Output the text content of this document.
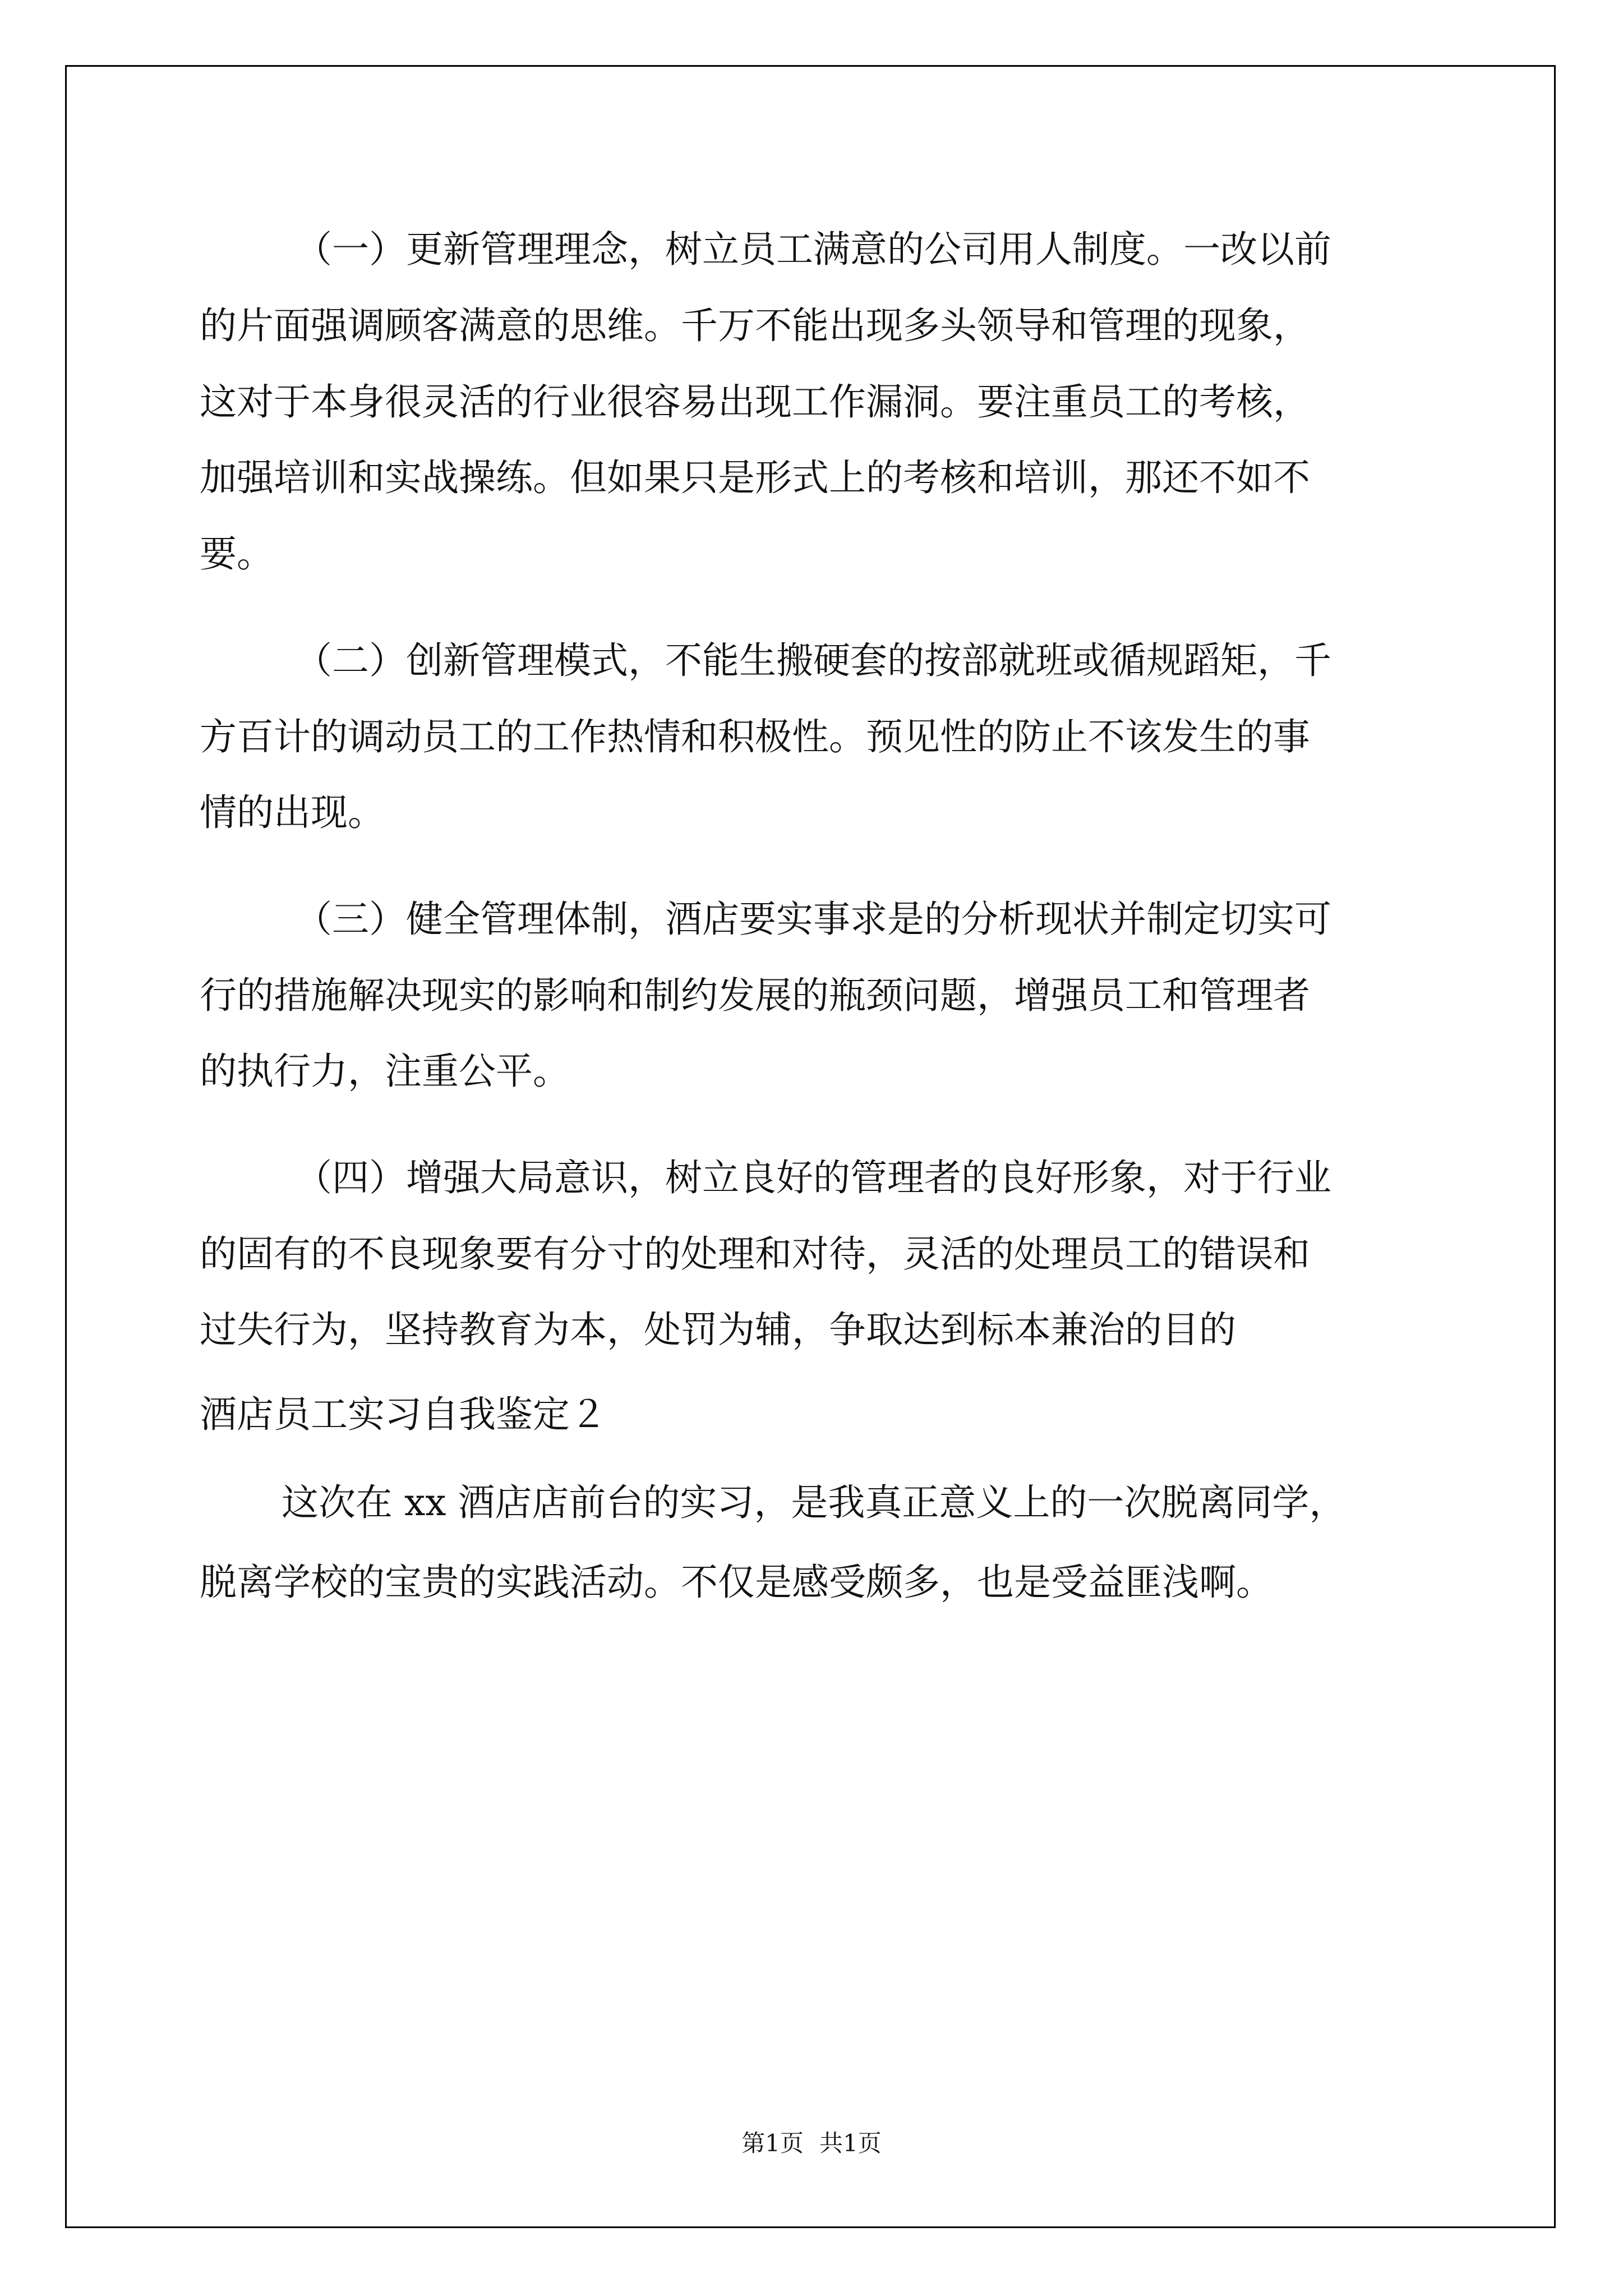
（一）更新管理理念，树立员工满意的公司用人制度。一改以前
的片面强调顾客满意的思维。千万不能出现多头领导和管理的现象，
这对于本身很灵活的行业很容易出现工作漏洞。要注重员工的考核，
加强培训和实战操练。但如果只是形式上的考核和培训，那还不如不
要。
（二）创新管理模式，不能生搬硬套的按部就班或循规蹈矩，千
方百计的调动员工的工作热情和积极性。预见性的防止不该发生的事
情的出现。
（三）健全管理体制，酒店要实事求是的分析现状并制定切实可
行的措施解决现实的影响和制约发展的瓶颈问题，增强员工和管理者
的执行力，注重公平。
（四）增强大局意识，树立良好的管理者的良好形象，对于行业
的固有的不良现象要有分寸的处理和对待，灵活的处理员工的错误和
过失行为，坚持教育为本，处罚为辅，争取达到标本兼治的目的
酒店员工实习自我鉴定２
这次在 xx 酒店店前台的实习，是我真正意义上的一次脱离同学，
脱离学校的宝贵的实践活动。不仅是感受颇多，也是受益匪浅啊。
第1页 共1页
